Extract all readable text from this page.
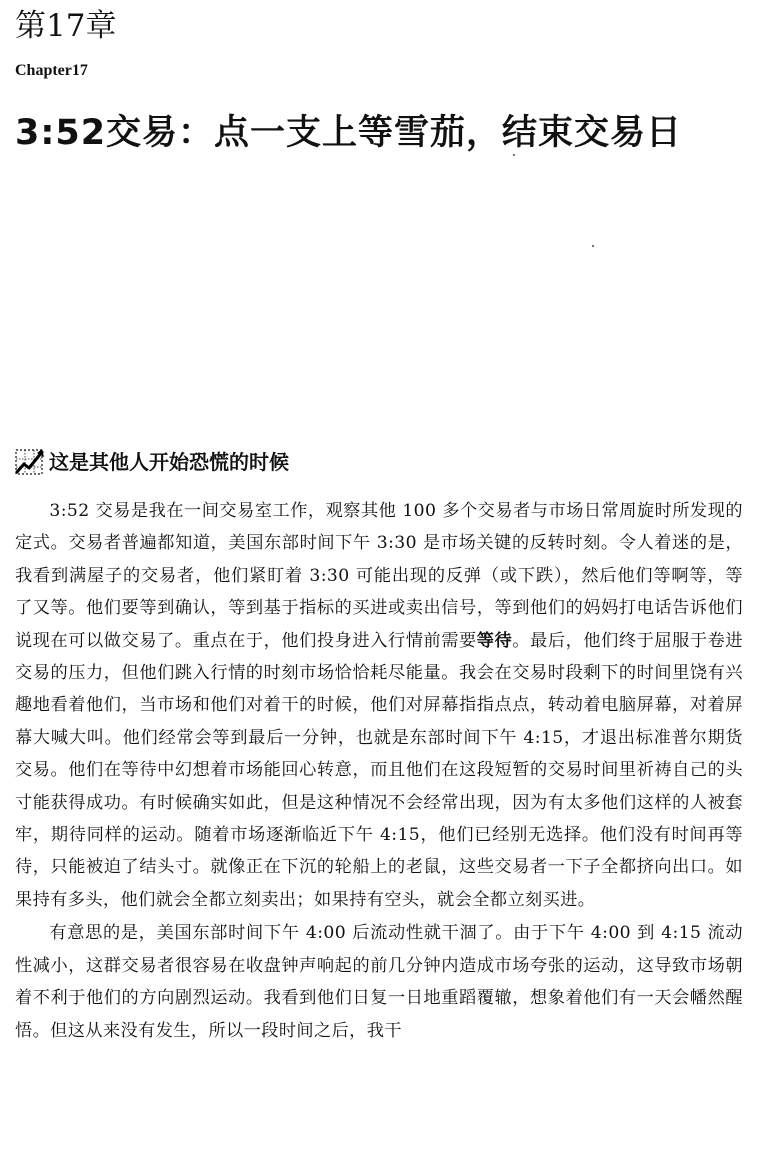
第17章
Chapter17
3:52交易：点一支上等雪茄，结束交易日
这是其他人开始恐慌的时候

3:52 交易是我在一间交易室工作，观察其他 100 多个交易者与市场日常周旋时所发现的定式。交易者普遍都知道，美国东部时间下午 3:30 是市场关键的反转时刻。令人着迷的是，我看到满屋子的交易者，他们紧盯着 3:30 可能出现的反弹（或下跌），然后他们等啊等，等了又等。他们要等到确认，等到基于指标的买进或卖出信号，等到他们的妈妈打电话告诉他们说现在可以做交易了。重点在于，他们投身进入行情前需要等待。最后，他们终于屈服于卷进交易的压力，但他们跳入行情的时刻市场恰恰耗尽能量。我会在交易时段剩下的时间里饶有兴趣地看着他们，当市场和他们对着干的时候，他们对屏幕指指点点，转动着电脑屏幕，对着屏幕大喊大叫。他们经常会等到最后一分钟，也就是东部时间下午 4:15，才退出标准普尔期货交易。他们在等待中幻想着市场能回心转意，而且他们在这段短暂的交易时间里祈祷自己的头寸能获得成功。有时候确实如此，但是这种情况不会经常出现，因为有太多他们这样的人被套牢，期待同样的运动。随着市场逐渐临近下午 4:15，他们已经别无选择。他们没有时间再等待，只能被迫了结头寸。就像正在下沉的轮船上的老鼠，这些交易者一下子全都挤向出口。如果持有多头，他们就会全都立刻卖出；如果持有空头，就会全都立刻买进。

有意思的是，美国东部时间下午 4:00 后流动性就干涸了。由于下午 4:00 到 4:15 流动性减小，这群交易者很容易在收盘钟声响起的前几分钟内造成市场夸张的运动，这导致市场朝着不利于他们的方向剧烈运动。我看到他们日复一日地重蹈覆辙，想象着他们有一天会幡然醒悟。但这从来没有发生，所以一段时间之后，我干
